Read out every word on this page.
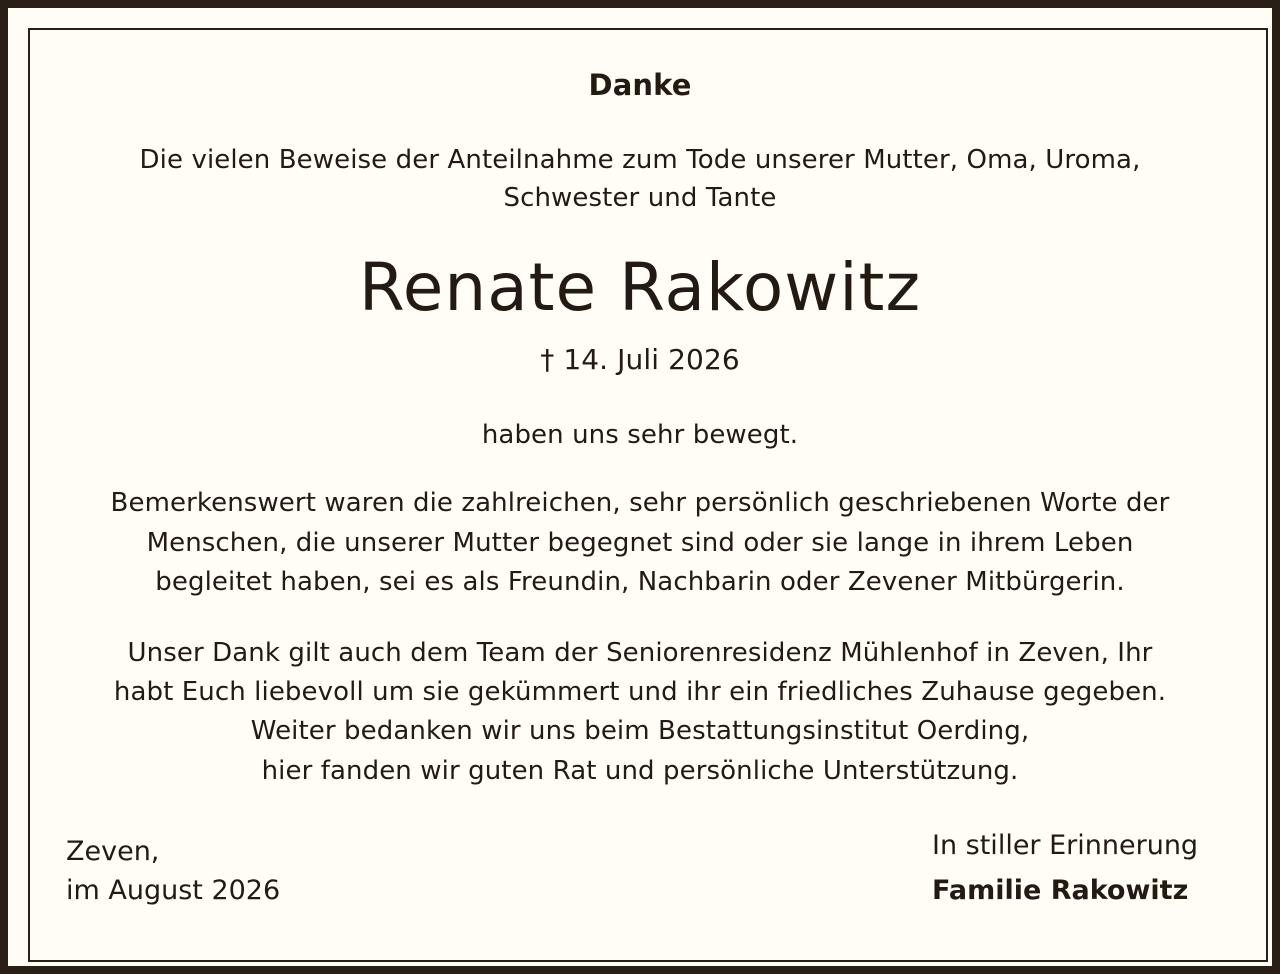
Danke
Die vielen Beweise der Anteilnahme zum Tode unserer Mutter, Oma, Uroma,
Schwester und Tante
Renate Rakowitz
† 14. Juli 2026
haben uns sehr bewegt.
Bemerkenswert waren die zahlreichen, sehr persönlich geschriebenen Worte der
Menschen, die unserer Mutter begegnet sind oder sie lange in ihrem Leben
begleitet haben, sei es als Freundin, Nachbarin oder Zevener Mitbürgerin.
Unser Dank gilt auch dem Team der Seniorenresidenz Mühlenhof in Zeven, Ihr
habt Euch liebevoll um sie gekümmert und ihr ein friedliches Zuhause gegeben.
Weiter bedanken wir uns beim Bestattungsinstitut Oerding,
hier fanden wir guten Rat und persönliche Unterstützung.
Zeven,
im August 2026
In stiller Erinnerung
Familie Rakowitz
